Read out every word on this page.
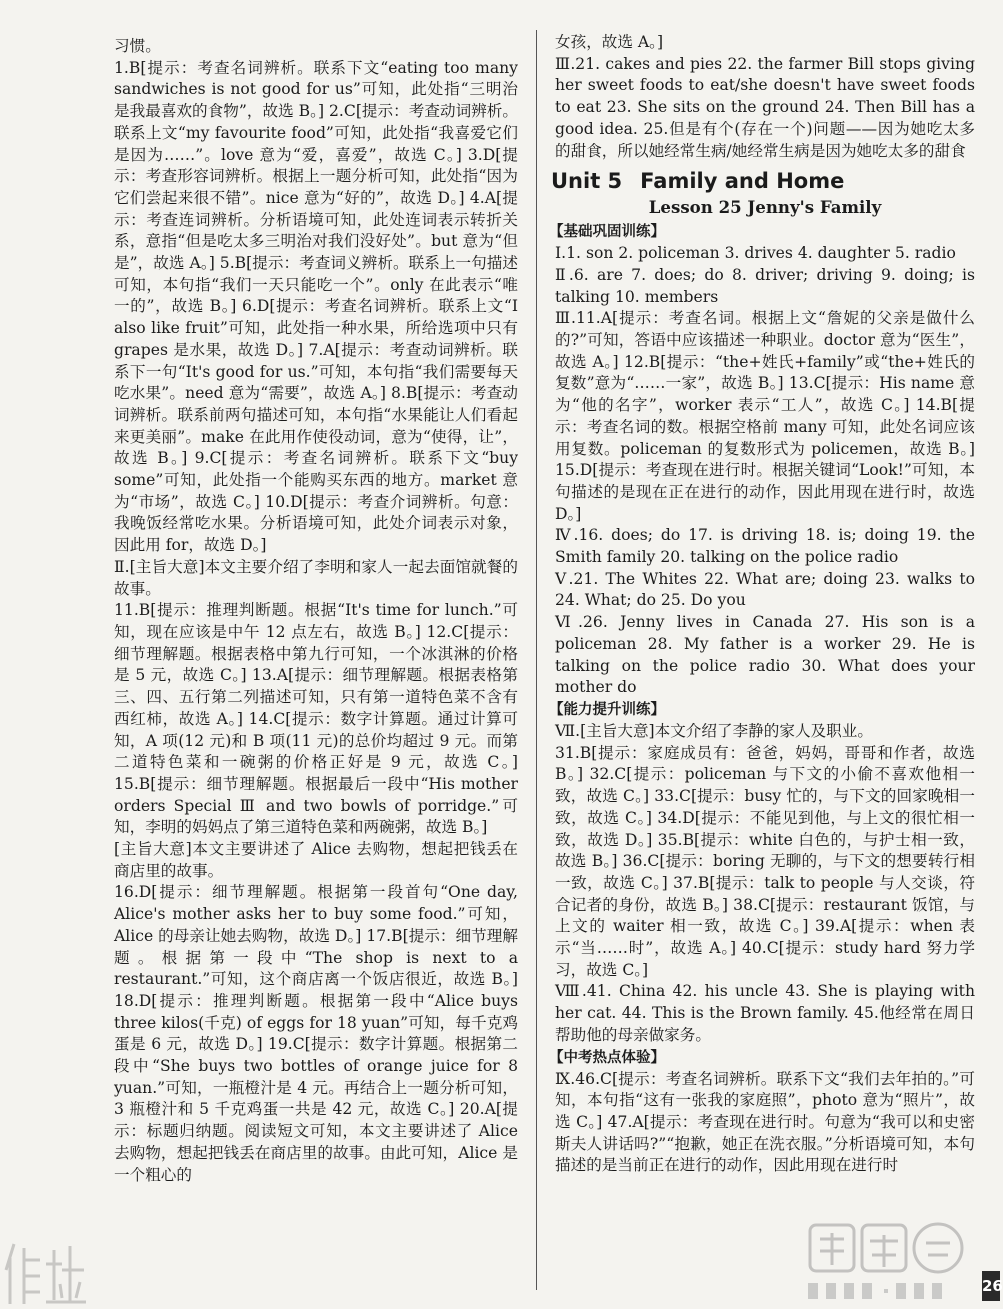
习惯。

1.B[提示：考查名词辨析。联系下文“eating too many sandwiches is not good for us”可知，此处指“三明治是我最喜欢的食物”，故选 B。] 2.C[提示：考查动词辨析。联系上文“my favourite food”可知，此处指“我喜爱它们是因为……”。love 意为“爱，喜爱”，故选 C。] 3.D[提示：考查形容词辨析。根据上一题分析可知，此处指“因为它们尝起来很不错”。nice 意为“好的”，故选 D。] 4.A[提示：考查连词辨析。分析语境可知，此处连词表示转折关系，意指“但是吃太多三明治对我们没好处”。but 意为“但是”，故选 A。] 5.B[提示：考查词义辨析。联系上一句描述可知，本句指“我们一天只能吃一个”。only 在此表示“唯一的”，故选 B。] 6.D[提示：考查名词辨析。联系上文“I also like fruit”可知，此处指一种水果，所给选项中只有 grapes 是水果，故选 D。] 7.A[提示：考查动词辨析。联系下一句“It's good for us.”可知，本句指“我们需要每天吃水果”。need 意为“需要”，故选 A。] 8.B[提示：考查动词辨析。联系前两句描述可知，本句指“水果能让人们看起来更美丽”。make 在此用作使役动词，意为“使得，让”，故选 B。] 9.C[提示：考查名词辨析。联系下文“buy some”可知，此处指一个能购买东西的地方。market 意为“市场”，故选 C。] 10.D[提示：考查介词辨析。句意：我晚饭经常吃水果。分析语境可知，此处介词表示对象，因此用 for，故选 D。]

Ⅱ.[主旨大意]本文主要介绍了李明和家人一起去面馆就餐的故事。

11.B[提示：推理判断题。根据“It's time for lunch.”可知，现在应该是中午 12 点左右，故选 B。] 12.C[提示：细节理解题。根据表格中第九行可知，一个冰淇淋的价格是 5 元，故选 C。] 13.A[提示：细节理解题。根据表格第三、四、五行第二列描述可知，只有第一道特色菜不含有西红柿，故选 A。] 14.C[提示：数字计算题。通过计算可知，A 项(12 元)和 B 项(11 元)的总价均超过 9 元。而第二道特色菜和一碗粥的价格正好是 9 元，故选 C。] 15.B[提示：细节理解题。根据最后一段中“His mother orders Special Ⅲ and two bowls of porridge.”可知，李明的妈妈点了第三道特色菜和两碗粥，故选 B。]

[主旨大意]本文主要讲述了 Alice 去购物，想起把钱丢在商店里的故事。

16.D[提示：细节理解题。根据第一段首句“One day, Alice's mother asks her to buy some food.”可知，Alice 的母亲让她去购物，故选 D。] 17.B[提示：细节理解题。根据第一段中“The shop is next to a restaurant.”可知，这个商店离一个饭店很近，故选 B。] 18.D[提示：推理判断题。根据第一段中“Alice buys three kilos(千克) of eggs for 18 yuan”可知，每千克鸡蛋是 6 元，故选 D。] 19.C[提示：数字计算题。根据第二段中“She buys two bottles of orange juice for 8 yuan.”可知，一瓶橙汁是 4 元。再结合上一题分析可知，3 瓶橙汁和 5 千克鸡蛋一共是 42 元，故选 C。] 20.A[提示：标题归纳题。阅读短文可知，本文主要讲述了 Alice 去购物，想起把钱丢在商店里的故事。由此可知，Alice 是一个粗心的

女孩，故选 A。]

Ⅲ.21. cakes and pies 22. the farmer Bill stops giving her sweet foods to eat/she doesn't have sweet foods to eat 23. She sits on the ground 24. Then Bill has a good idea. 25.但是有个(存在一个)问题——因为她吃太多的甜食，所以她经常生病/她经常生病是因为她吃太多的甜食

Unit 5 Family and Home
Lesson 25 Jenny's Family
【基础巩固训练】

Ⅰ.1. son 2. policeman 3. drives 4. daughter 5. radio

Ⅱ.6. are 7. does; do 8. driver; driving 9. doing; is talking 10. members

Ⅲ.11.A[提示：考查名词。根据上文“詹妮的父亲是做什么的?”可知，答语中应该描述一种职业。doctor 意为“医生”，故选 A。] 12.B[提示：“the+姓氏+family”或“the+姓氏的复数”意为“……一家”，故选 B。] 13.C[提示：His name 意为“他的名字”，worker 表示“工人”，故选 C。] 14.B[提示：考查名词的数。根据空格前 many 可知，此处名词应该用复数。policeman 的复数形式为 policemen，故选 B。] 15.D[提示：考查现在进行时。根据关键词“Look!”可知，本句描述的是现在正在进行的动作，因此用现在进行时，故选 D。]

Ⅳ.16. does; do 17. is driving 18. is; doing 19. the Smith family 20. talking on the police radio

Ⅴ.21. The Whites 22. What are; doing 23. walks to 24. What; do 25. Do you

Ⅵ.26. Jenny lives in Canada 27. His son is a policeman 28. My father is a worker 29. He is talking on the police radio 30. What does your mother do

【能力提升训练】

Ⅶ.[主旨大意]本文介绍了李静的家人及职业。

31.B[提示：家庭成员有：爸爸，妈妈，哥哥和作者，故选 B。] 32.C[提示：policeman 与下文的小偷不喜欢他相一致，故选 C。] 33.C[提示：busy 忙的，与下文的回家晚相一致，故选 C。] 34.D[提示：不能见到他，与上文的很忙相一致，故选 D。] 35.B[提示：white 白色的，与护士相一致，故选 B。] 36.C[提示：boring 无聊的，与下文的想要转行相一致，故选 C。] 37.B[提示：talk to people 与人交谈，符合记者的身份，故选 B。] 38.C[提示：restaurant 饭馆，与上文的 waiter 相一致，故选 C。] 39.A[提示：when 表示“当……时”，故选 A。] 40.C[提示：study hard 努力学习，故选 C。]

Ⅷ.41. China 42. his uncle 43. She is playing with her cat. 44. This is the Brown family. 45.他经常在周日帮助他的母亲做家务。

【中考热点体验】

Ⅸ.46.C[提示：考查名词辨析。联系下文“我们去年拍的。”可知，本句指“这有一张我的家庭照”，photo 意为“照片”，故选 C。] 47.A[提示：考查现在进行时。句意为“我可以和史密斯夫人讲话吗?”“抱歉，她正在洗衣服。”分析语境可知，本句描述的是当前正在进行的动作，因此用现在进行时

26
